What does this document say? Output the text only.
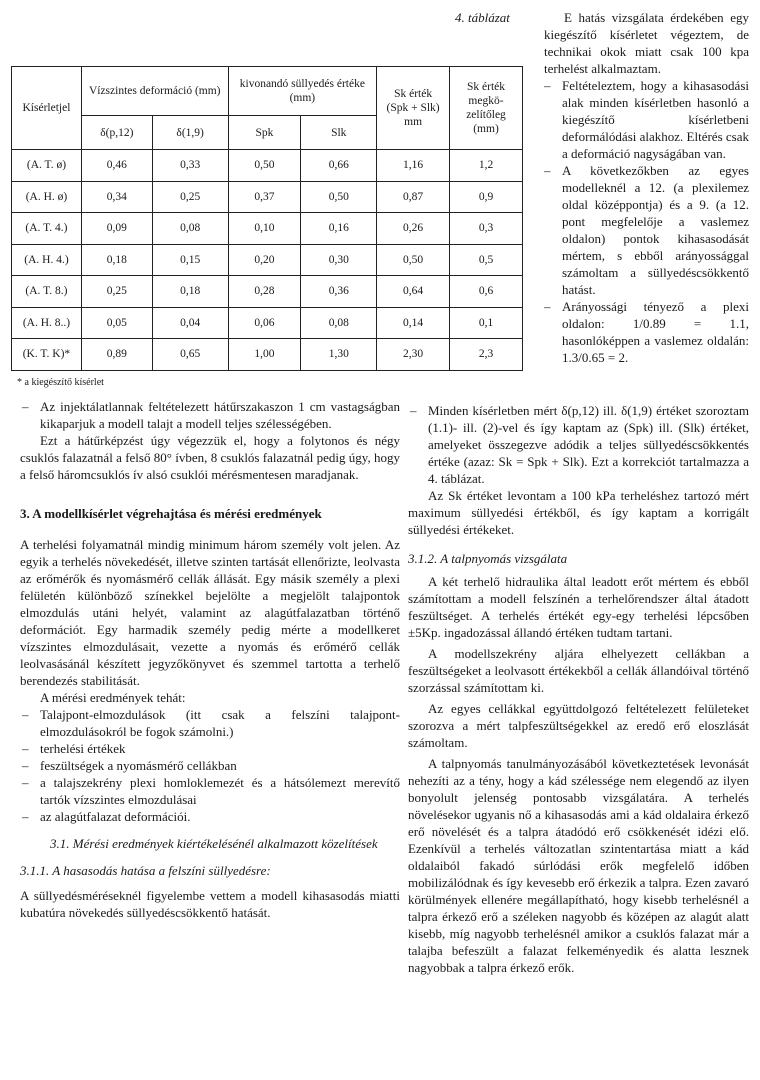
4. táblázat
Kísérletjel	Vízszintes deformáció (mm)		kivonandó süllyedés értéke (mm)		Sk érték (Spk + Slk) mm	Sk érték megkö-zelítőleg (mm)
	δ(p,12)	δ(1,9)	Spk	Slk		
(A. T. ø)	0,46	0,33	0,50	0,66	1,16	1,2
(A. H. ø)	0,34	0,25	0,37	0,50	0,87	0,9
(A. T. 4.)	0,09	0,08	0,10	0,16	0,26	0,3
(A. H. 4.)	0,18	0,15	0,20	0,30	0,50	0,5
(A. T. 8.)	0,25	0,18	0,28	0,36	0,64	0,6
(A. H. 8..)	0,05	0,04	0,06	0,08	0,14	0,1
(K. T. K)*	0,89	0,65	1,00	1,30	2,30	2,3
* a kiegészítő kísérlet

– Az injektálatlannak feltételezett hátűrszakaszon 1 cm vastagságban kikaparjuk a modell talajt a modell teljes szélességében.

Ezt a hátűrképzést úgy végezzük el, hogy a folytonos és négy csuklós falazatnál a felső 80° ívben, 8 csuklós falazatnál pedig úgy, hogy a felső háromcsuklós ív alsó csuklói mérésmentesen maradjanak.

3. A modellkísérlet végrehajtása és mérési eredmények

A terhelési folyamatnál mindig minimum három személy volt jelen. Az egyik a terhelés növekedését, illetve szinten tartását ellenőrizte, leolvasta az erőmérők és nyomásmérő cellák állását. Egy másik személy a plexi felületén különböző színekkel bejelölte a megjelölt talajpontok elmozdulás utáni helyét, valamint az alagútfalazatban történő deformációt. Egy harmadik személy pedig mérte a modellkeret vízszintes elmozdulásait, vezette a nyomás és erőmérő cellák leolvasásánál készített jegyzőkönyvet és szemmel tartotta a terhelő berendezés stabilitását.

A mérési eredmények tehát:

– Talajpont-elmozdulások (itt csak a felszíni talajpont-elmozdulásokról be fogok számolni.)

– terhelési értékek

– feszültségek a nyomásmérő cellákban

– a talajszekrény plexi homloklemezét és a hátsólemezt merevítő tartók vízszintes elmozdulásai

– az alagútfalazat deformációi.

3.1. Mérési eredmények kiértékelésénél alkalmazott közelítések

3.1.1. A hasasodás hatása a felszíni süllyedésre:

A süllyedésméréseknél figyelembe vettem a modell kihasasodás miatti kubatúra növekedés süllyedéscsökkentő hatását.

E hatás vizsgálata érdekében egy kiegészítő kísérletet végeztem, de technikai okok miatt csak 100 kpa terhelést alkalmaztam.

– Feltételeztem, hogy a kihasasodási alak minden kísérletben hasonló a kiegészítő kísérletbeni deformálódási alakhoz. Eltérés csak a deformáció nagyságában van.

– A következőkben az egyes modelleknél a 12. (a plexilemez oldal középpontja) és a 9. (a 12. pont megfelelője a vaslemez oldalon) pontok kihasasodását mértem, s ebből arányossággal számoltam a süllyedéscsökkentő hatást.

– Arányossági tényező a plexi oldalon: 1/0.89 = 1.1, hasonlóképpen a vaslemez oldalán: 1.3/0.65 = 2.

– Minden kísérletben mért δ(p,12) ill. δ(1,9) értéket szoroztam (1.1)- ill. (2)-vel és így kaptam az (Spk) ill. (Slk) értéket, amelyeket összegezve adódik a teljes süllyedéscsökkentés értéke (azaz: Sk = Spk + Slk). Ezt a korrekciót tartalmazza a 4. táblázat.

Az Sk értéket levontam a 100 kPa terheléshez tartozó mért maximum süllyedési értékből, és így kaptam a korrigált süllyedési értékeket.

3.1.2. A talpnyomás vizsgálata

A két terhelő hidraulika által leadott erőt mértem és ebből számítottam a modell felszínén a terhelőrendszer által átadott feszültséget. A terhelés értékét egy-egy terhelési lépcsőben ±5Kp. ingadozással állandó értéken tudtam tartani.

A modellszekrény aljára elhelyezett cellákban a feszültségeket a leolvasott értékekből a cellák állandóival történő szorzással számítottam ki.

Az egyes cellákkal együttdolgozó feltételezett felületeket szorozva a mért talpfeszültségekkel az eredő erő eloszlását számoltam.

A talpnyomás tanulmányozásából következtetések levonását nehezíti az a tény, hogy a kád szélessége nem elegendő az ilyen bonyolult jelenség pontosabb vizsgálatára. A terhelés növelésekor ugyanis nő a kihasasodás ami a kád oldalaira érkező erő növelését és a talpra átadódó erő csökkenését idézi elő. Ezenkívül a terhelés változatlan szintentartása miatt a kád oldalaiból fakadó súrlódási erők megfelelő időben mobilizálódnak és így kevesebb erő érkezik a talpra. Ezen zavaró körülmények ellenére megállapítható, hogy kisebb terhelésnél a talpra érkező erő a széleken nagyobb és középen az alagút alatt kisebb, míg nagyobb terhelésnél amikor a csuklós falazat már a talajba befeszült a falazat felkeményedik és alatta lesznek nagyobbak a talpra érkező erők.
